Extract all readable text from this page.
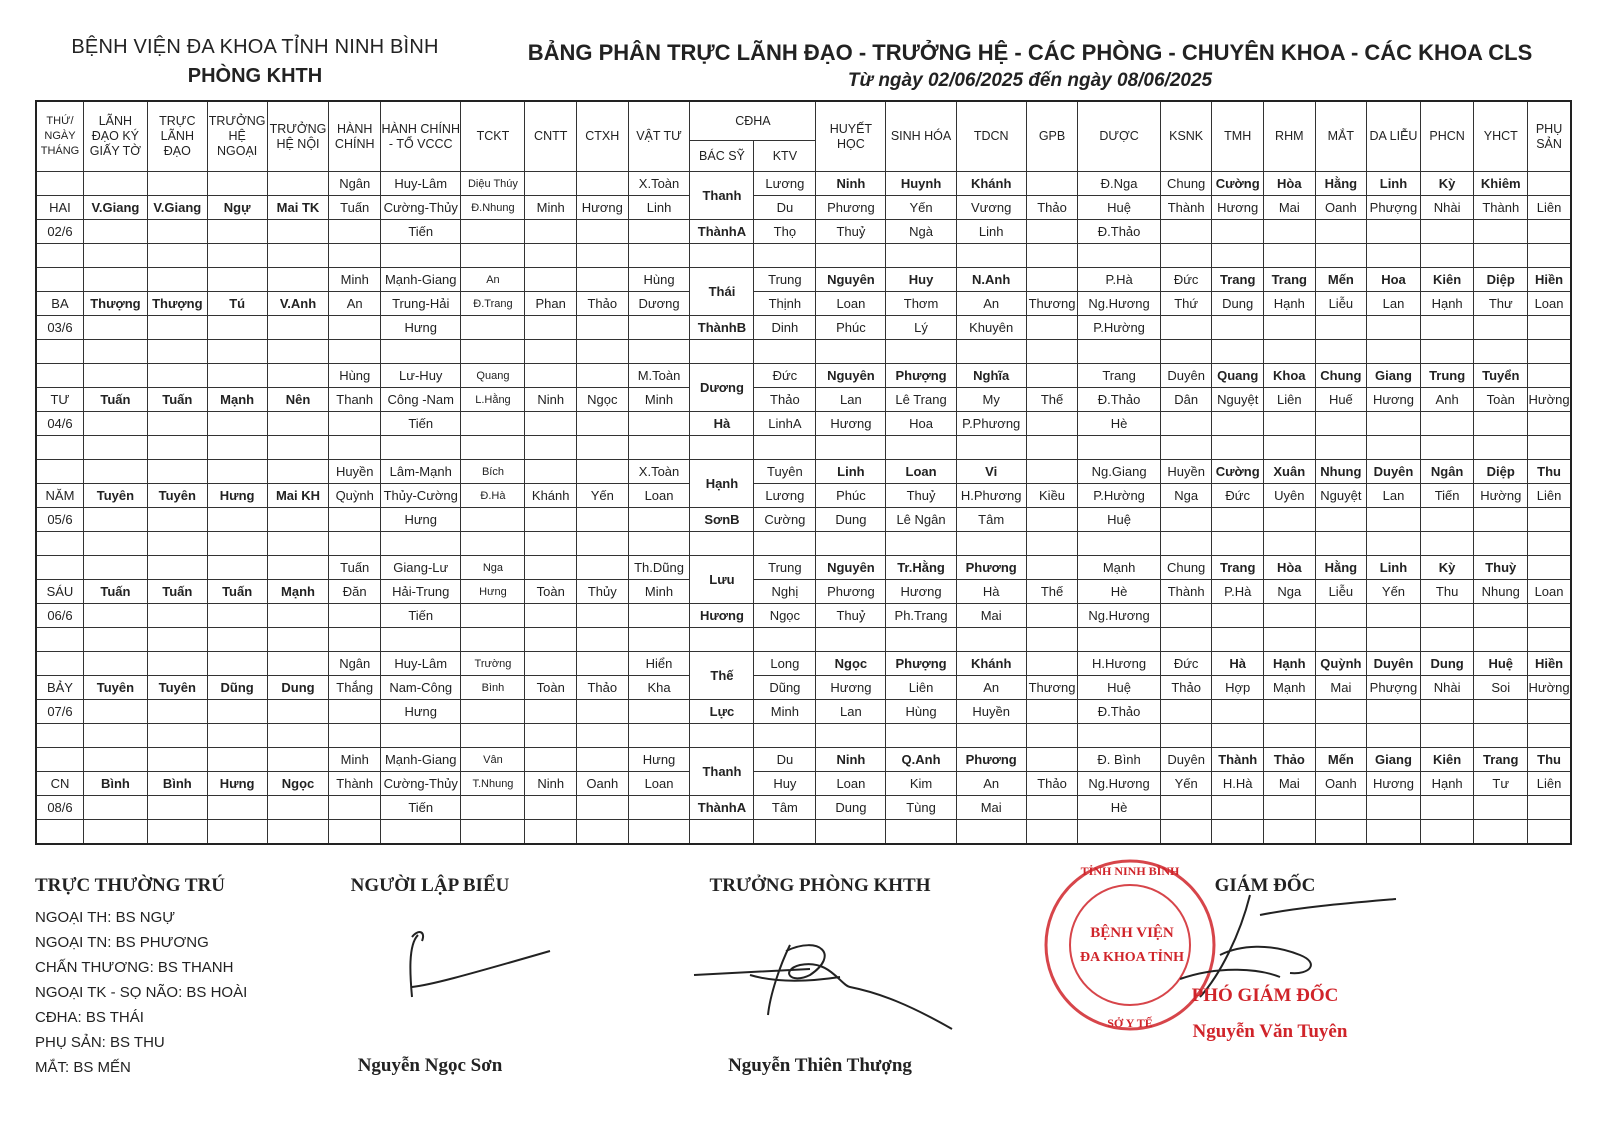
BỆNH VIỆN ĐA KHOA TỈNH NINH BÌNH
PHÒNG KHTH
BẢNG PHÂN TRỰC LÃNH ĐẠO - TRƯỞNG HỆ - CÁC PHÒNG - CHUYÊN KHOA - CÁC KHOA CLS
Từ ngày 02/06/2025 đến ngày 08/06/2025
THỨ/ NGÀY THÁNG	LÃNH ĐẠO KÝ GIẤY TỜ	TRỰC LÃNH ĐẠO	TRƯỞNG HỆ NGOẠI	TRƯỞNG HỆ NỘI	HÀNH CHÍNH	HÀNH CHÍNH - TỔ VCCC	TCKT	CNTT	CTXH	VẬT TƯ	CĐHA		HUYẾT HỌC	SINH HÓA	TDCN	GPB	DƯỢC	KSNK	TMH	RHM	MẮT	DA LIỄU	PHCN	YHCT	PHỤ SẢN
											BÁC SỸ	KTV													
					Ngân	Huy-Lâm	Diệu Thúy			X.Toàn	Thanh	Lương	Ninh	Huynh	Khánh		Đ.Nga	Chung	Cường	Hòa	Hằng	Linh	Kỳ	Khiêm	
HAI	V.Giang	V.Giang	Ngự	Mai TK	Tuấn	Cường-Thủy	Đ.Nhung	Minh	Hương	Linh		Du	Phương	Yến	Vương	Thảo	Huệ	Thành	Hương	Mai	Oanh	Phượng	Nhài	Thành	Liên
02/6						Tiến					ThànhA	Thọ	Thuỷ	Ngà	Linh		Đ.Thảo								

					Minh	Mạnh-Giang	An			Hùng	Thái	Trung	Nguyên	Huy	N.Anh		P.Hà	Đức	Trang	Trang	Mến	Hoa	Kiên	Diệp	Hiền
BA	Thượng	Thượng	Tú	V.Anh	An	Trung-Hải	Đ.Trang	Phan	Thảo	Dương		Thịnh	Loan	Thơm	An	Thương	Ng.Hương	Thứ	Dung	Hạnh	Liễu	Lan	Hạnh	Thư	Loan
03/6						Hưng					ThànhB	Dinh	Phúc	Lý	Khuyên		P.Hường								

					Hùng	Lư-Huy	Quang			M.Toàn	Dương	Đức	Nguyên	Phượng	Nghĩa		Trang	Duyên	Quang	Khoa	Chung	Giang	Trung	Tuyển	
TƯ	Tuấn	Tuấn	Mạnh	Nên	Thanh	Công -Nam	L.Hằng	Ninh	Ngọc	Minh		Thảo	Lan	Lê Trang	My	Thế	Đ.Thảo	Dân	Nguyệt	Liên	Huế	Hương	Anh	Toàn	Hường
04/6						Tiến					Hà	LinhA	Hương	Hoa	P.Phương		Hè								

					Huyền	Lâm-Mạnh	Bích			X.Toàn	Hạnh	Tuyên	Linh	Loan	Vi		Ng.Giang	Huyền	Cường	Xuân	Nhung	Duyên	Ngân	Diệp	Thu
NĂM	Tuyên	Tuyên	Hưng	Mai KH	Quỳnh	Thủy-Cường	Đ.Hà	Khánh	Yến	Loan		Lương	Phúc	Thuỷ	H.Phương	Kiều	P.Hường	Nga	Đức	Uyên	Nguyệt	Lan	Tiến	Hường	Liên
05/6						Hưng					SơnB	Cường	Dung	Lê Ngân	Tâm		Huệ								

					Tuấn	Giang-Lư	Nga			Th.Dũng	Lưu	Trung	Nguyên	Tr.Hằng	Phương		Mạnh	Chung	Trang	Hòa	Hằng	Linh	Kỳ	Thuỳ	
SÁU	Tuấn	Tuấn	Tuấn	Mạnh	Đăn	Hải-Trung	Hưng	Toàn	Thủy	Minh		Nghị	Phương	Hương	Hà	Thế	Hè	Thành	P.Hà	Nga	Liễu	Yến	Thu	Nhung	Loan
06/6						Tiến					Hương	Ngọc	Thuỷ	Ph.Trang	Mai		Ng.Hương								

					Ngân	Huy-Lâm	Trường			Hiển	Thế	Long	Ngọc	Phượng	Khánh		H.Hương	Đức	Hà	Hạnh	Quỳnh	Duyên	Dung	Huệ	Hiền
BẢY	Tuyên	Tuyên	Dũng	Dung	Thắng	Nam-Công	Bình	Toàn	Thảo	Kha		Dũng	Hương	Liên	An	Thương	Huệ	Thảo	Hợp	Mạnh	Mai	Phượng	Nhài	Soi	Hường
07/6						Hưng					Lực	Minh	Lan	Hùng	Huyền		Đ.Thảo								

					Minh	Mạnh-Giang	Vân			Hưng	Thanh	Du	Ninh	Q.Anh	Phương		Đ. Bình	Duyên	Thành	Thảo	Mến	Giang	Kiên	Trang	Thu
CN	Bình	Bình	Hưng	Ngọc	Thành	Cường-Thủy	T.Nhung	Ninh	Oanh	Loan		Huy	Loan	Kim	An	Thảo	Ng.Hương	Yến	H.Hà	Mai	Oanh	Hương	Hạnh	Tư	Liên
08/6						Tiến					ThànhA	Tâm	Dung	Tùng	Mai		Hè								

TRỰC THƯỜNG TRÚ
NGOẠI TH: BS NGỰ
NGOẠI TN: BS PHƯƠNG
CHẤN THƯƠNG: BS THANH
NGOẠI TK - SỌ NÃO: BS HOÀI
CĐHA: BS THÁI
PHỤ SẢN: BS THU
MẮT: BS MẾN
NGƯỜI LẬP BIỂU
Nguyễn Ngọc Sơn
TRƯỞNG PHÒNG KHTH
Nguyễn Thiên Thượng
TỈNH NINH BÌNH
SỞ Y TẾ
BỆNH VIỆN
ĐA KHOA TỈNH
GIÁM ĐỐC
PHÓ GIÁM ĐỐC
Nguyễn Văn Tuyên
